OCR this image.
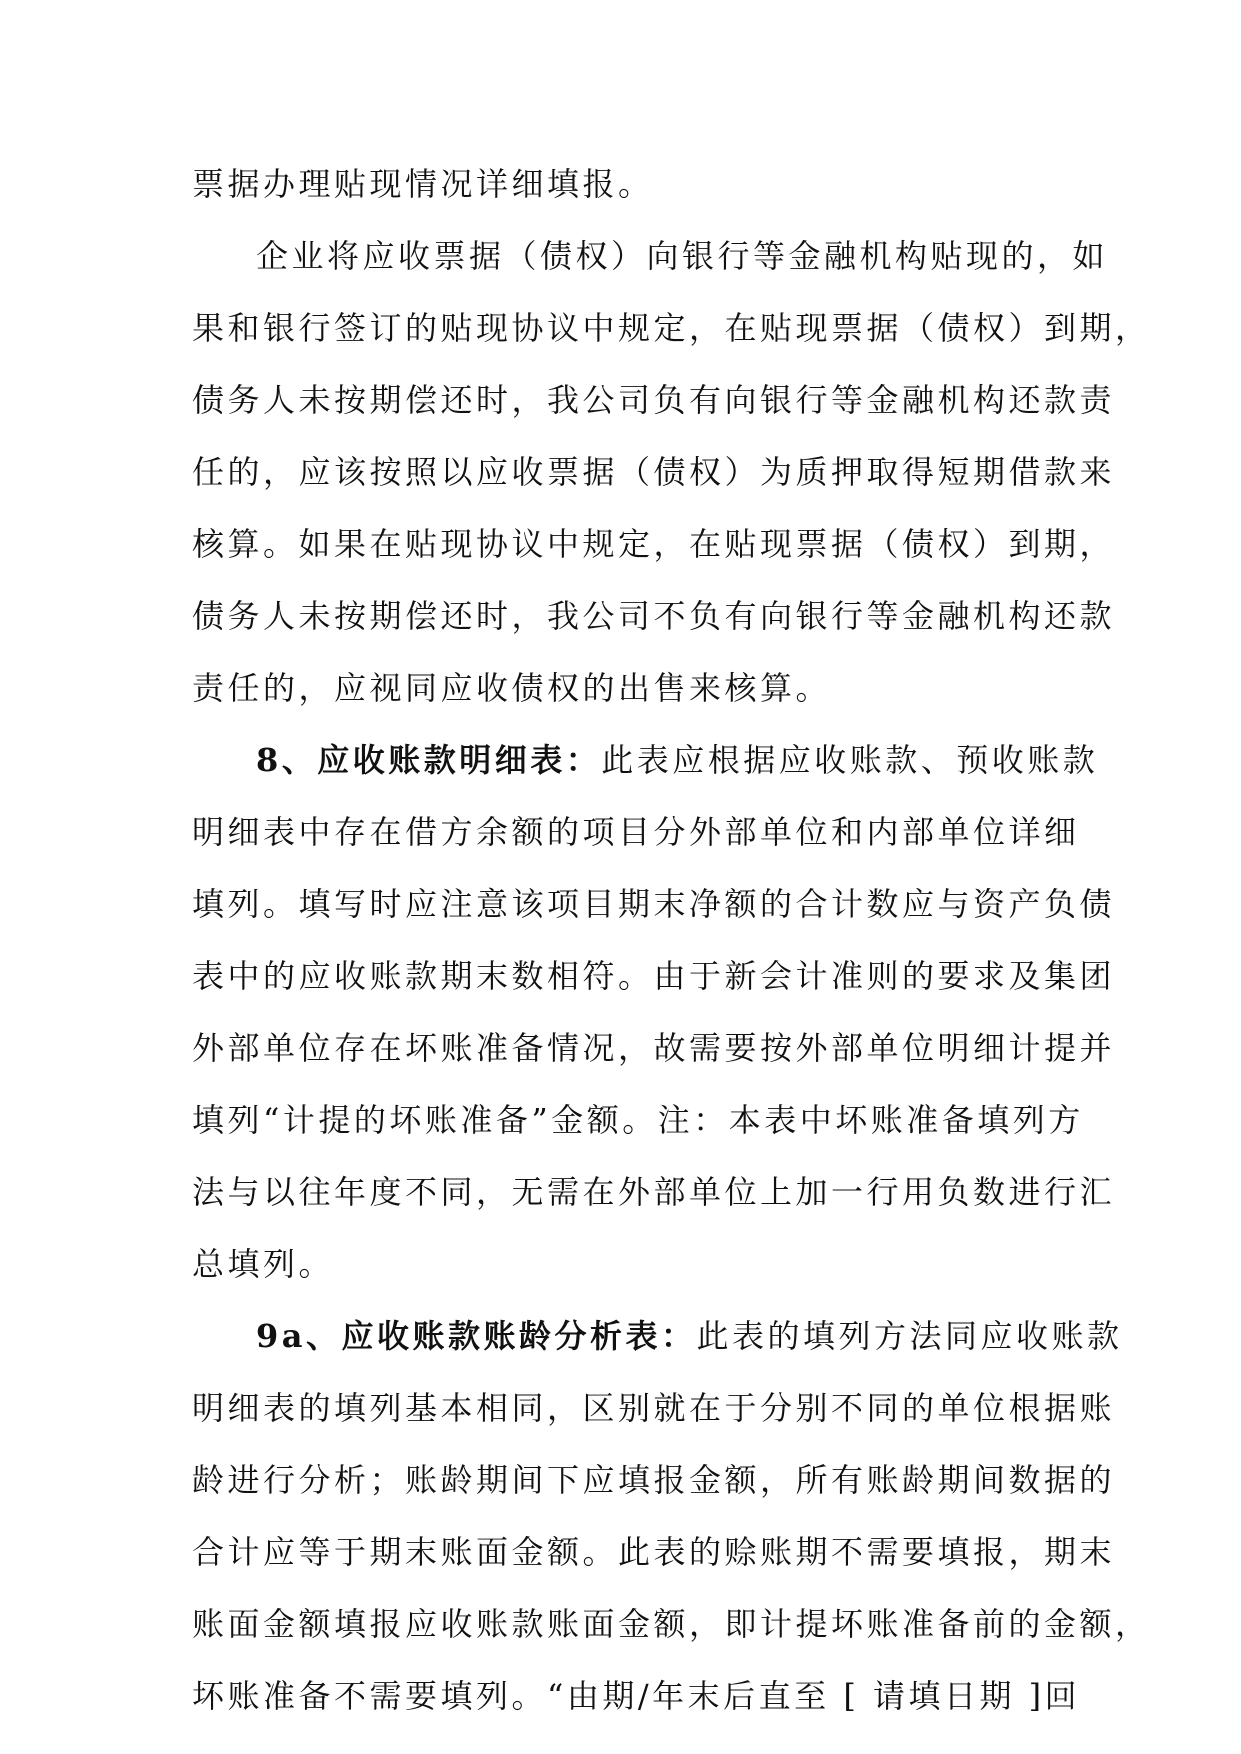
票据办理贴现情况详细填报。
企业将应收票据（债权）向银行等金融机构贴现的，如
果和银行签订的贴现协议中规定，在贴现票据（债权）到期，
债务人未按期偿还时，我公司负有向银行等金融机构还款责
任的，应该按照以应收票据（债权）为质押取得短期借款来
核算。如果在贴现协议中规定，在贴现票据（债权）到期，
债务人未按期偿还时，我公司不负有向银行等金融机构还款
责任的，应视同应收债权的出售来核算。
8、应收账款明细表：此表应根据应收账款、预收账款
明细表中存在借方余额的项目分外部单位和内部单位详细
填列。填写时应注意该项目期末净额的合计数应与资产负债
表中的应收账款期末数相符。由于新会计准则的要求及集团
外部单位存在坏账准备情况，故需要按外部单位明细计提并
填列“计提的坏账准备”金额。注：本表中坏账准备填列方
法与以往年度不同，无需在外部单位上加一行用负数进行汇
总填列。
9a、应收账款账龄分析表：此表的填列方法同应收账款
明细表的填列基本相同，区别就在于分别不同的单位根据账
龄进行分析；账龄期间下应填报金额，所有账龄期间数据的
合计应等于期末账面金额。此表的赊账期不需要填报，期末
账面金额填报应收账款账面金额，即计提坏账准备前的金额，
坏账准备不需要填列。“由期/年末后直至 [ 请填日期 ]回
